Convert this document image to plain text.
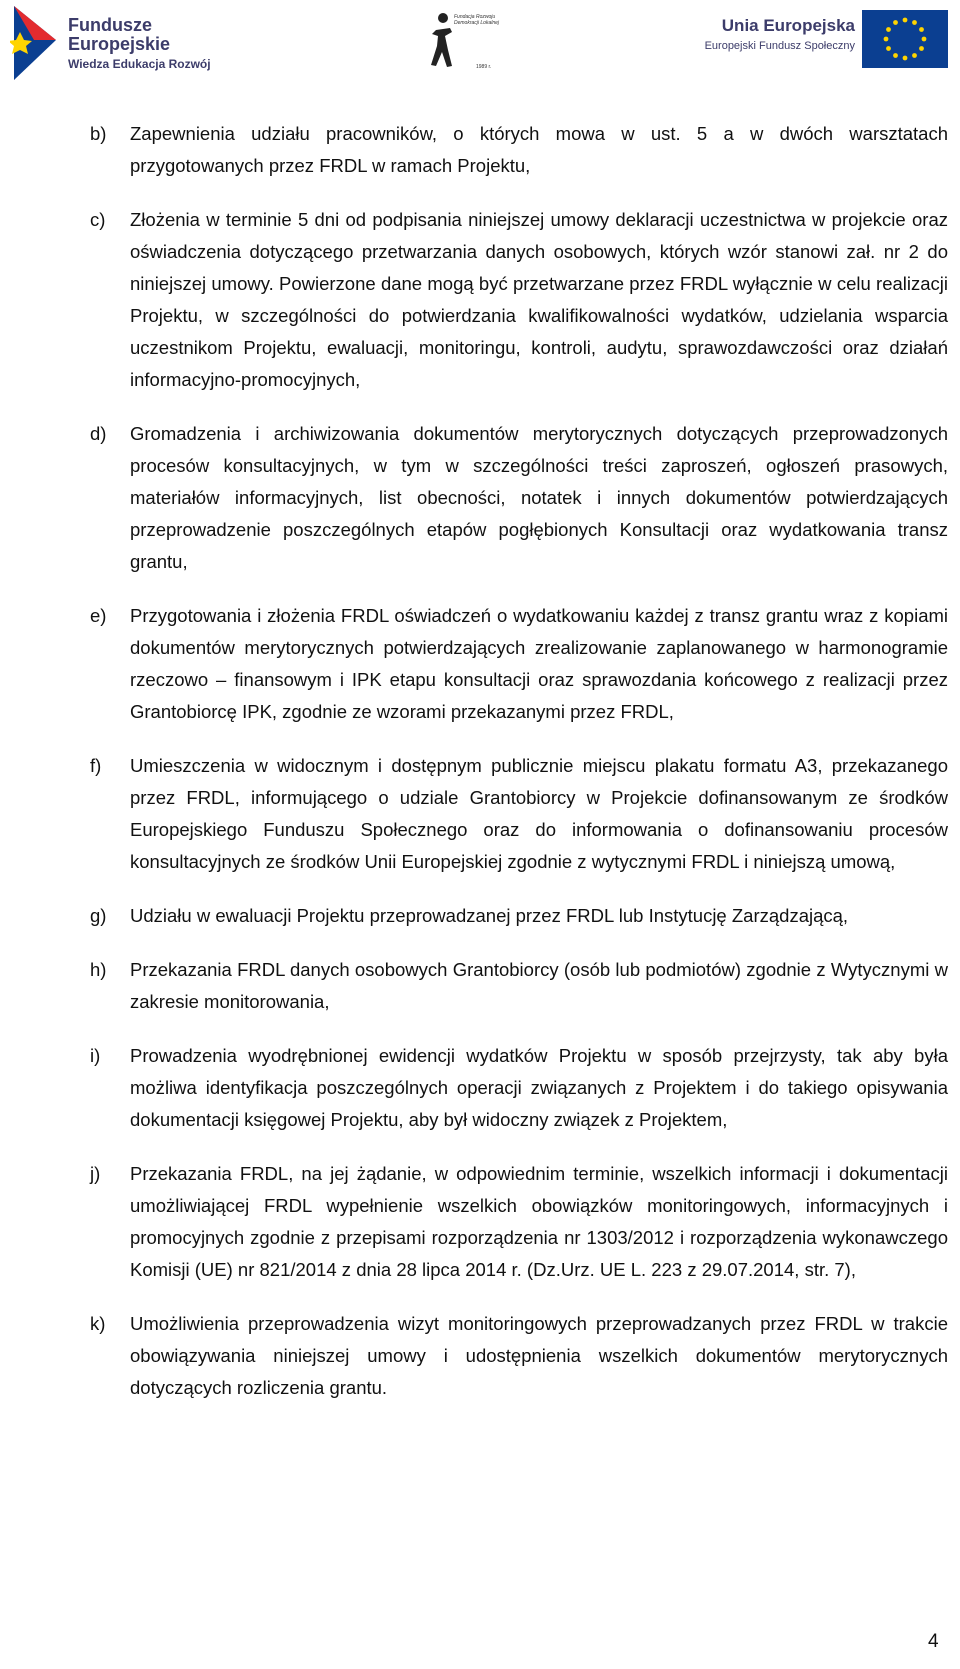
Fundusze
Europejskie
Wiedza Edukacja Rozwój
Fundacja Rozwoju Demokracji Lokalnej
1989 r.
Unia Europejska
Europejski Fundusz Społeczny
b) Zapewnienia udziału pracowników, o których mowa w ust. 5 a w dwóch warsztatach przygotowanych przez FRDL w ramach Projektu,
c) Złożenia w terminie 5 dni od podpisania niniejszej umowy deklaracji uczestnictwa w projekcie oraz oświadczenia dotyczącego przetwarzania danych osobowych, których wzór stanowi zał. nr 2 do niniejszej umowy. Powierzone dane mogą być przetwarzane przez FRDL wyłącznie w celu realizacji Projektu, w szczególności do potwierdzania kwalifikowalności wydatków, udzielania wsparcia uczestnikom Projektu, ewaluacji, monitoringu, kontroli, audytu, sprawozdawczości oraz działań informacyjno-promocyjnych,
d) Gromadzenia i archiwizowania dokumentów merytorycznych dotyczących przeprowadzonych procesów konsultacyjnych, w tym w szczególności treści zaproszeń, ogłoszeń prasowych, materiałów informacyjnych, list obecności, notatek i innych dokumentów potwierdzających przeprowadzenie poszczególnych etapów pogłębionych Konsultacji oraz wydatkowania transz grantu,
e) Przygotowania i złożenia FRDL oświadczeń o wydatkowaniu każdej z transz grantu wraz z kopiami dokumentów merytorycznych potwierdzających zrealizowanie zaplanowanego w harmonogramie rzeczowo – finansowym i IPK etapu konsultacji oraz sprawozdania końcowego z realizacji przez Grantobiorcę IPK, zgodnie ze wzorami przekazanymi przez FRDL,
f) Umieszczenia w widocznym i dostępnym publicznie miejscu plakatu formatu A3, przekazanego przez FRDL, informującego o udziale Grantobiorcy w Projekcie dofinansowanym ze środków Europejskiego Funduszu Społecznego oraz do informowania o dofinansowaniu procesów konsultacyjnych ze środków Unii Europejskiej zgodnie z wytycznymi FRDL i niniejszą umową,
g) Udziału w ewaluacji Projektu przeprowadzanej przez FRDL lub Instytucję Zarządzającą,
h) Przekazania FRDL danych osobowych Grantobiorcy (osób lub podmiotów) zgodnie z Wytycznymi w zakresie monitorowania,
i) Prowadzenia wyodrębnionej ewidencji wydatków Projektu w sposób przejrzysty, tak aby była możliwa identyfikacja poszczególnych operacji związanych z Projektem i do takiego opisywania dokumentacji księgowej Projektu, aby był widoczny związek z Projektem,
j) Przekazania FRDL, na jej żądanie, w odpowiednim terminie, wszelkich informacji i dokumentacji umożliwiającej FRDL wypełnienie wszelkich obowiązków monitoringowych, informacyjnych i promocyjnych zgodnie z przepisami rozporządzenia nr 1303/2012 i rozporządzenia wykonawczego Komisji (UE) nr 821/2014 z dnia 28 lipca 2014 r. (Dz.Urz. UE L. 223 z 29.07.2014, str. 7),
k) Umożliwienia przeprowadzenia wizyt monitoringowych przeprowadzanych przez FRDL w trakcie obowiązywania niniejszej umowy i udostępnienia wszelkich dokumentów merytorycznych dotyczących rozliczenia grantu.
4
